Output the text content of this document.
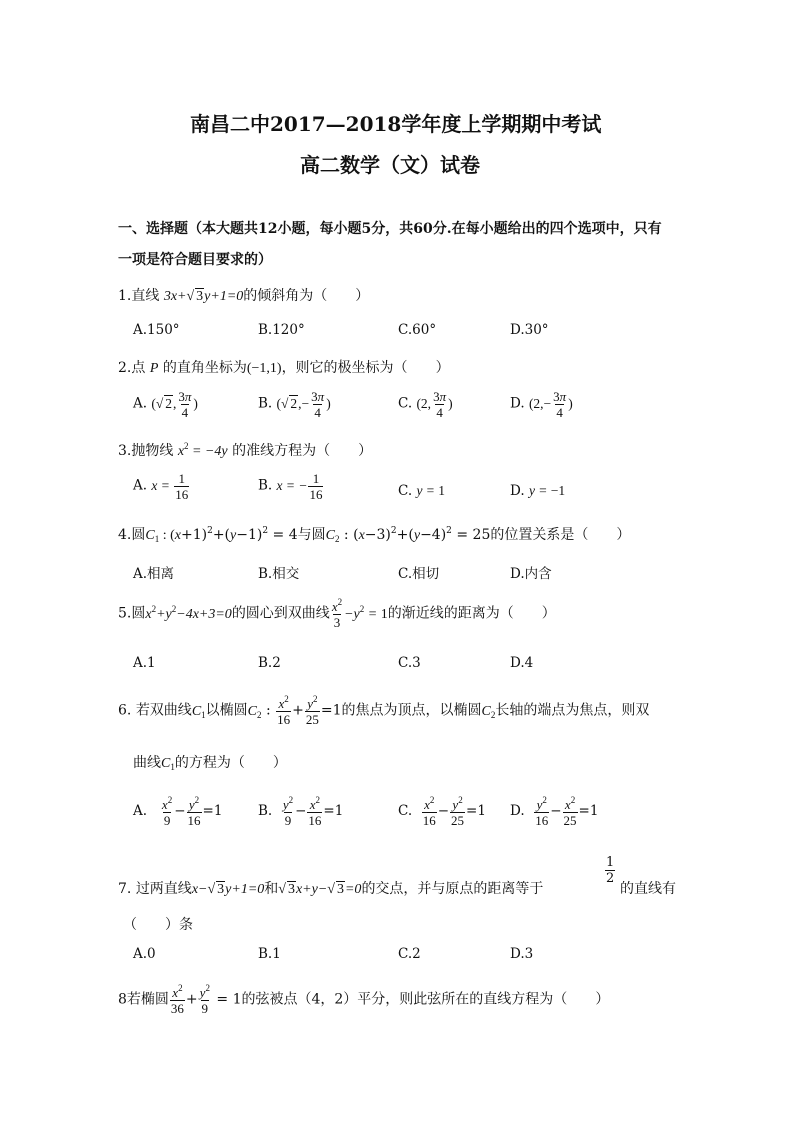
南昌二中2017—2018学年度上学期期中考试
高二数学（文）试卷
一、选择题（本大题共12小题，每小题5分，共60分.在每小题给出的四个选项中，只有
一项是符合题目要求的）
1.直线 3x+√ 3y+1=0的倾斜角为（ ）
A.150°	B.120°	C.60°	D.30°
2.点 P 的直角坐标为(−1,1)，则它的极坐标为（ ）
A. (√ 2, $\frac{3\pi}{4}$ )	B. (√ $2,- \frac{3\pi}{4}$ )	C. (2, $\frac{3\pi}{4}$ )	D. ($2,- \frac{3\pi}{4}$ )
3.抛物线 $x^2 = -4y$ 的准线方程为（ ）
A. $x = \frac{1}{16}$	B. x = − $\frac{1}{16}$	C. y = 1	D. y = −1
4.圆$C_1$ : $(x+1)^2+(y-1)^2 = 4$与圆$C_2$ : $(x-3)^2+(y-4)^2 = 25$的位置关系是（ ）
A.相离	B.相交	C.相切	D.内含
5.圆$x^2+y^2-4x+3=0$的圆心到双曲线 $\frac{x^2}{3} -y^2 = 1$的渐近线的距离为（ ）
A.1	B.2	C.3	D.4
6. 若双曲线$C_1$以椭圆$C_2$ : $\frac{x^2}{16} + \frac{y^2}{25} =1$的焦点为顶点，以椭圆$C_2$长轴的端点为焦点，则双
曲线$C_1$的方程为（ ）
A. $\frac{x^2}{9} - \frac{y^2}{16} =1$	B. $\frac{y^2}{9} - \frac{x^2}{16} =1$	C. $\frac{x^2}{16} - \frac{y^2}{25} =1$ D. $\frac{y^2}{16} - \frac{x^2}{25} =1$
7. 过两直线x−√ 3y+1=0和√ 3x+y−√ 3=0的交点，并与原点的距离等于
$\frac{1}{2}$
的直线有
（ ）条
A.0	B.1	C.2	D.3
8若椭圆 $\frac{x^2}{36} + \frac{y^2}{9} = 1$的弦被点（4，2）平分，则此弦所在的直线方程为（ ）
